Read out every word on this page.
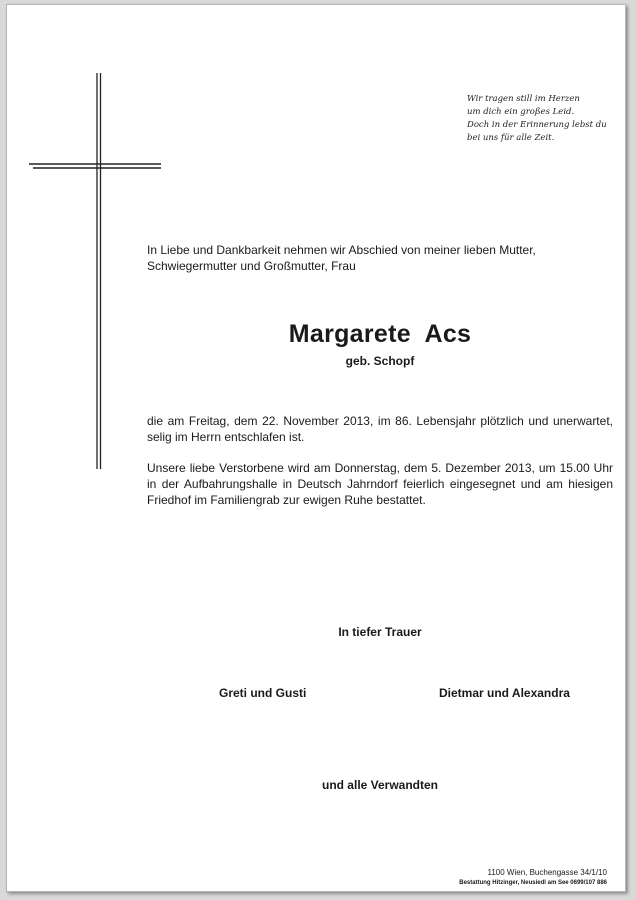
Wir tragen still im Herzen
um dich ein großes Leid.
Doch in der Erinnerung lebst du
bei uns für alle Zeit.
In Liebe und Dankbarkeit nehmen wir Abschied von meiner lieben Mutter,
Schwiegermutter und Großmutter, Frau
Margarete  Acs
geb. Schopf
die am Freitag, dem 22. November 2013, im 86. Lebensjahr plötzlich und unerwartet, selig im Herrn entschlafen ist.
Unsere liebe Verstorbene wird am Donnerstag, dem 5. Dezember 2013, um 15.00 Uhr in der Aufbahrungshalle in Deutsch Jahrndorf feierlich eingesegnet und am hiesigen Friedhof im Familiengrab zur ewigen Ruhe bestattet.
In tiefer Trauer
Greti und Gusti	Dietmar und Alexandra
und alle Verwandten
1100 Wien, Buchengasse 34/1/10
Bestattung Hitzinger, Neusiedl am See 0699/107 886
